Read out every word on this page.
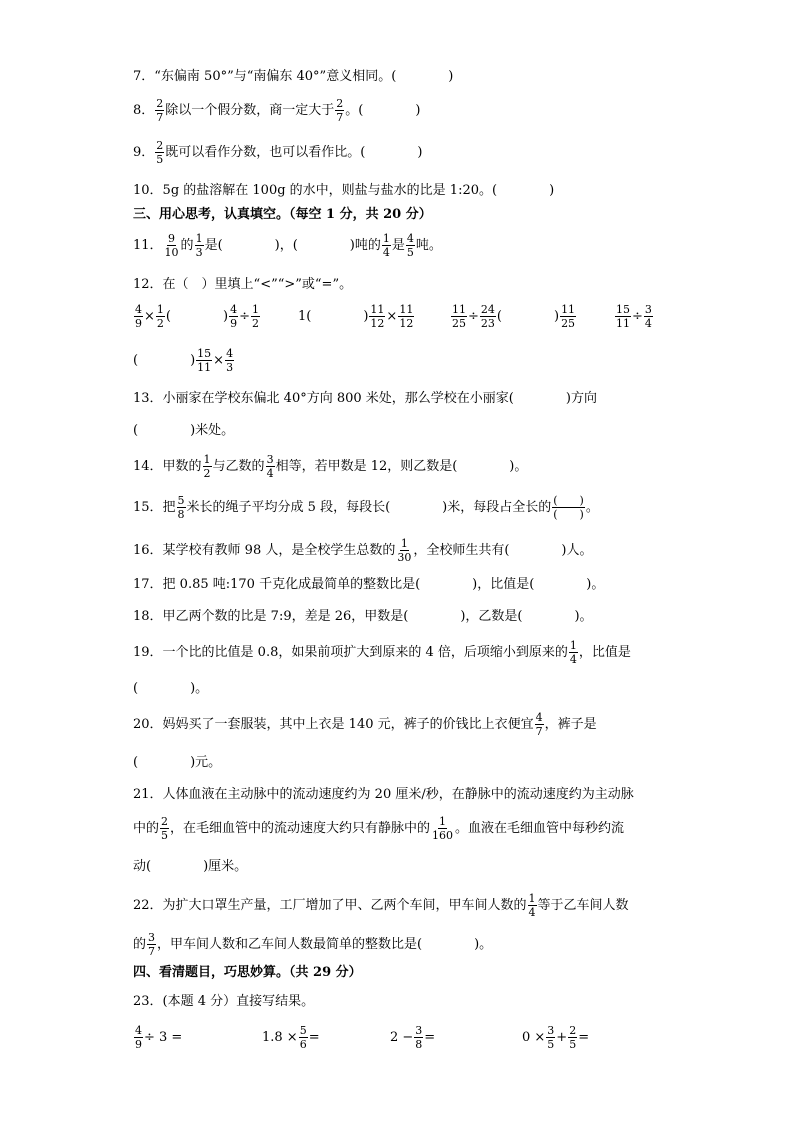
7．“东偏南 50°”与“南偏东 40°”意义相同。(　　　　)
8． $\frac{2}{7}$ 除以一个假分数，商一定大于 $\frac{2}{7}$ 。(　　　　)
9． $\frac{2}{5}$ 既可以看作分数，也可以看作比。(　　　　)
10．5g 的盐溶解在 100g 的水中，则盐与盐水的比是 1:20。(　　　　)
三、用心思考，认真填空。（每空 1 分，共 20 分）
11． $\frac{9}{10}$ 的 $\frac{1}{3}$ 是(　　　　)，(　　　　)吨的 $\frac{1}{4}$ 是 $\frac{4}{5}$ 吨。
12．在（　）里填上“<”“>”或“=”。
$\frac{4}{9} \times \frac{1}{2}$ (　　　　) $\frac{4}{9} \div \frac{1}{2}$	1(　　　　) $\frac{11}{12} \times \frac{11}{12}$	$\frac{11}{25} \div \frac{24}{23}$ (　　　　) $\frac{11}{25}$	$\frac{15}{11} \div \frac{3}{4}$
(　　　　) $\frac{15}{11} \times \frac{4}{3}$
13．小丽家在学校东偏北 40°方向 800 米处，那么学校在小丽家(　　　　)方向
(　　　　)米处。
14．甲数的 $\frac{1}{2}$ 与乙数的 $\frac{3}{4}$ 相等，若甲数是 12，则乙数是(　　　　)。
15．把 $\frac{5}{8}$ 米长的绳子平均分成 5 段，每段长(　　　　)米，每段占全长的 (　　)
(　　) 。
16．某学校有教师 98 人，是全校学生总数的 $\frac{1}{30}$ ，全校师生共有(　　　　)人。
17．把 0.85 吨:170 千克化成最简单的整数比是(　　　　)，比值是(　　　　)。
18．甲乙两个数的比是 7:9，差是 26，甲数是(　　　　)，乙数是(　　　　)。
19．一个比的比值是 0.8，如果前项扩大到原来的 4 倍，后项缩小到原来的 $\frac{1}{4}$ ，比值是
(　　　　)。
20．妈妈买了一套服装，其中上衣是 140 元，裤子的价钱比上衣便宜 $\frac{4}{7}$ ，裤子是
(　　　　)元。
21．人体血液在主动脉中的流动速度约为 20 厘米/秒，在静脉中的流动速度约为主动脉
中的 $\frac{2}{5}$ ，在毛细血管中的流动速度大约只有静脉中的 $\frac{1}{160}$ 。血液在毛细血管中每秒约流
动(　　　　)厘米。
22．为扩大口罩生产量，工厂增加了甲、乙两个车间，甲车间人数的 $\frac{1}{4}$ 等于乙车间人数
的 $\frac{3}{7}$ ，甲车间人数和乙车间人数最简单的整数比是(　　　　)。
四、看清题目，巧思妙算。（共 29 分）
23．(本题 4 分）直接写结果。
$\frac{4}{9} \div 3$ =	$1.8 \times \frac{5}{6}$ =	$2 - \frac{3}{8}$ =	$0 \times \frac{3}{5} + \frac{2}{5}$ =
